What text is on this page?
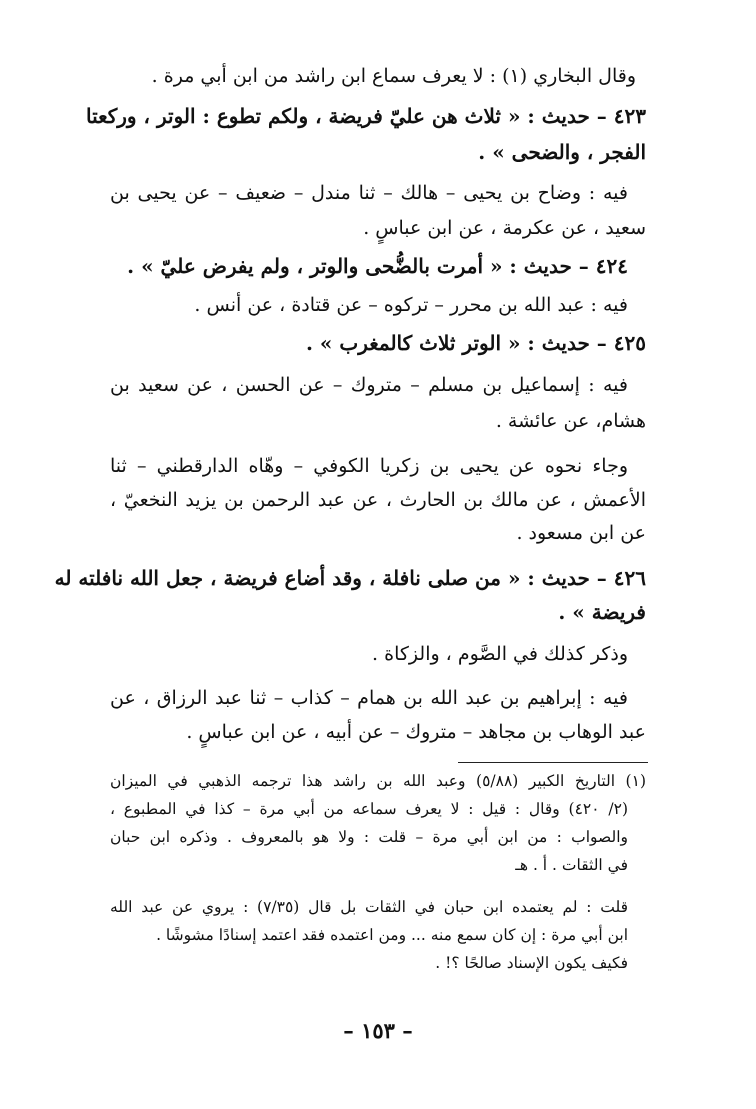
وقال البخاري (١) : لا يعرف سماع ابن راشد من ابن أبي مرة .

٤٢٣ – حديث : « ثلاث هن عليّ فريضة ، ولكم تطوع : الوتر ، وركعتا

الفجر ، والضحى » .

فيه : وضاح بن يحيى – هالك – ثنا مندل – ضعيف – عن يحيى بن

سعيد ، عن عكرمة ، عن ابن عباسٍ .

٤٢٤ – حديث : « أمرت بالضُّحى والوتر ، ولم يفرض عليّ » .

فيه : عبد الله بن محرر – تركوه – عن قتادة ، عن أنس .

٤٢٥ – حديث : « الوتر ثلاث كالمغرب » .

فيه : إسماعيل بن مسلم – متروك – عن الحسن ، عن سعيد بن

هشام، عن عائشة .

وجاء نحوه عن يحيى بن زكريا الكوفي – وهّاه الدارقطني – ثنا

الأعمش ، عن مالك بن الحارث ، عن عبد الرحمن بن يزيد النخعيّ ،

عن ابن مسعود .

٤٢٦ – حديث : « من صلى نافلة ، وقد أضاع فريضة ، جعل الله نافلته له

فريضة » .

وذكر كذلك في الصَّوم ، والزكاة .

فيه : إبراهيم بن عبد الله بن همام – كذاب – ثنا عبد الرزاق ، عن

عبد الوهاب بن مجاهد – متروك – عن أبيه ، عن ابن عباسٍ .

(١) التاريخ الكبير (٥/٨٨) وعبد الله بن راشد هذا ترجمه الذهبي في الميزان

(٢/ ٤٢٠) وقال : قيل : لا يعرف سماعه من أبي مرة – كذا في المطبوع ،

والصواب : من ابن أبي مرة – قلت : ولا هو بالمعروف . وذكره ابن حبان

في الثقات . أ . هـ

قلت : لم يعتمده ابن حبان في الثقات بل قال (٧/٣٥) : يروي عن عبد الله

ابن أبي مرة : إن كان سمع منه ... ومن اعتمده فقد اعتمد إسنادًا مشوشًا .

فكيف يكون الإسناد صالحًا ؟! .

– ١٥٣ –
